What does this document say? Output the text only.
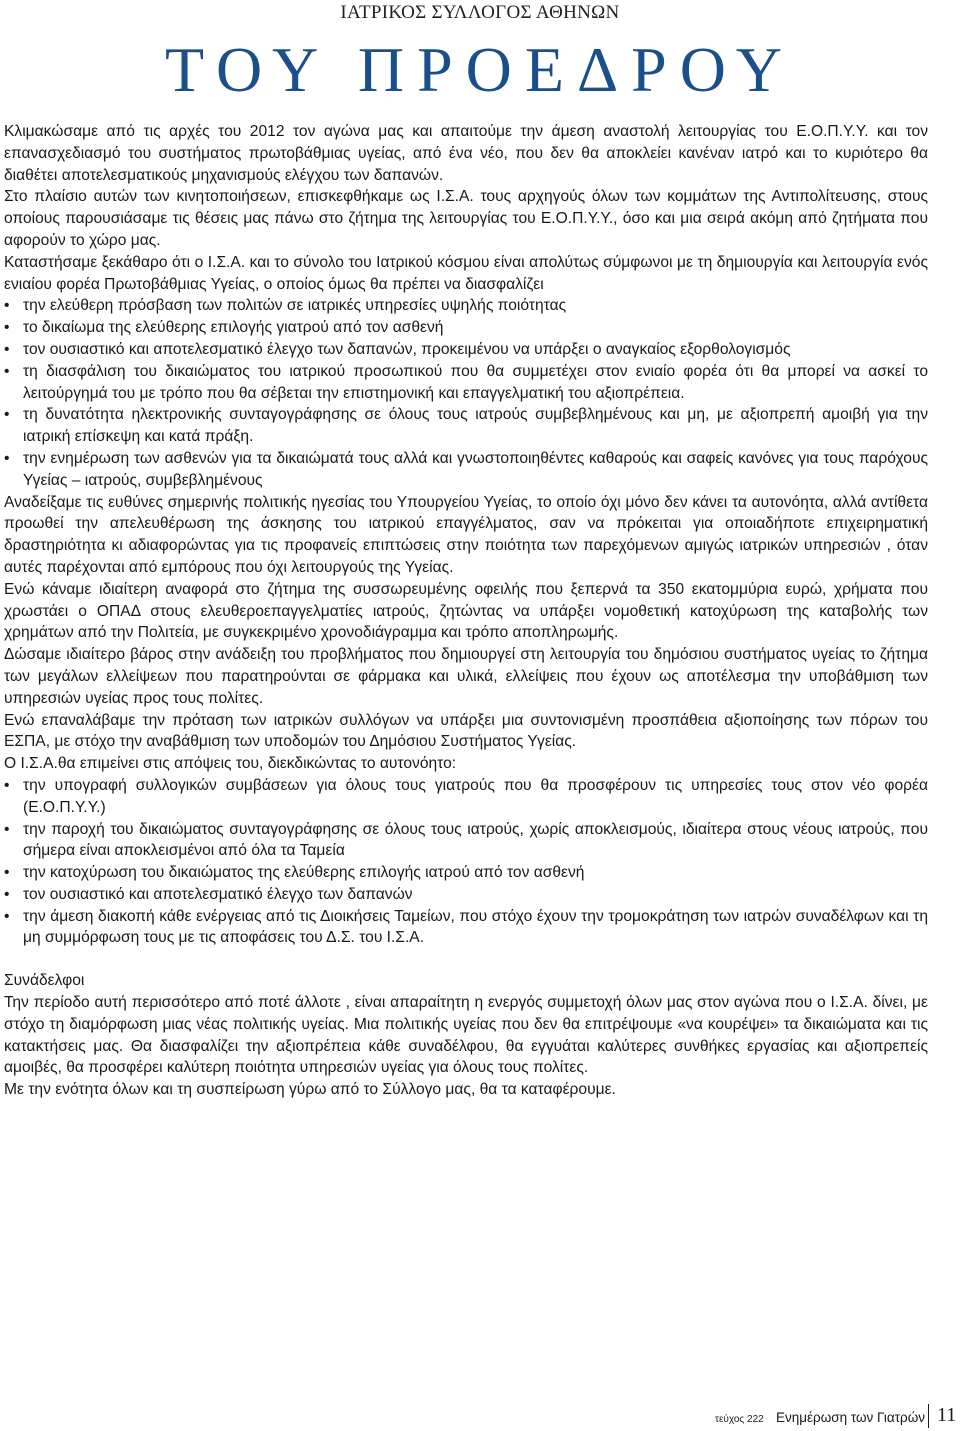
ΙΑΤΡΙΚΟΣ ΣΥΛΛΟΓΟΣ ΑΘΗΝΩΝ
ΤΟΥ ΠΡΟΕΔΡΟΥ

Κλιμακώσαμε από τις αρχές του 2012 τον αγώνα μας και απαιτούμε την άμεση αναστολή λειτουργίας του Ε.Ο.Π.Υ.Υ. και τον επανασχεδιασμό του συστήματος πρωτοβάθμιας υγείας, από ένα νέο, που δεν θα αποκλείει κανέναν ιατρό και το κυριότερο θα διαθέτει αποτελεσματικούς μηχανισμούς ελέγχου των δαπανών.

Στο πλαίσιο αυτών των κινητοποιήσεων, επισκεφθήκαμε ως Ι.Σ.Α. τους αρχηγούς όλων των κομμάτων της Αντιπολίτευσης, στους οποίους παρουσιάσαμε τις θέσεις μας πάνω στο ζήτημα της λειτουργίας του Ε.Ο.Π.Υ.Υ., όσο και μια σειρά ακόμη από ζητήματα που αφορούν το χώρο μας.

Καταστήσαμε ξεκάθαρο ότι ο Ι.Σ.Α. και το σύνολο του Ιατρικού κόσμου είναι απολύτως σύμφωνοι με τη δημιουργία και λειτουργία ενός ενιαίου φορέα Πρωτοβάθμιας Υγείας, ο οποίος όμως θα πρέπει να διασφαλίζει

• την ελεύθερη πρόσβαση των πολιτών σε ιατρικές υπηρεσίες υψηλής ποιότητας

• το δικαίωμα της ελεύθερης επιλογής γιατρού από τον ασθενή

• τον ουσιαστικό και αποτελεσματικό έλεγχο των δαπανών, προκειμένου να υπάρξει ο αναγκαίος εξορθολογισμός

• τη διασφάλιση του δικαιώματος του ιατρικού προσωπικού που θα συμμετέχει στον ενιαίο φορέα ότι θα μπορεί να ασκεί το λειτούργημά του με τρόπο που θα σέβεται την επιστημονική και επαγγελματική του αξιοπρέπεια.

• τη δυνατότητα ηλεκτρονικής συνταγογράφησης σε όλους τους ιατρούς συμβεβλημένους και μη, με αξιοπρεπή αμοιβή για την ιατρική επίσκεψη και κατά πράξη.

• την ενημέρωση των ασθενών για τα δικαιώματά τους αλλά και γνωστοποιηθέντες καθαρούς και σαφείς κανόνες για τους παρόχους Υγείας – ιατρούς, συμβεβλημένους

Αναδείξαμε τις ευθύνες σημερινής πολιτικής ηγεσίας του Υπουργείου Υγείας, το οποίο όχι μόνο δεν κάνει τα αυτονόητα, αλλά αντίθετα προωθεί την απελευθέρωση της άσκησης του ιατρικού επαγγέλματος, σαν να πρόκειται για οποιαδήποτε επιχειρηματική δραστηριότητα κι αδιαφορώντας για τις προφανείς επιπτώσεις στην ποιότητα των παρεχόμενων αμιγώς ιατρικών υπηρεσιών , όταν αυτές παρέχονται από εμπόρους που όχι λειτουργούς της Υγείας.

Ενώ κάναμε ιδιαίτερη αναφορά στο ζήτημα της συσσωρευμένης οφειλής που ξεπερνά τα 350 εκατομμύρια ευρώ, χρήματα που χρωστάει ο ΟΠΑΔ στους ελευθεροεπαγγελματίες ιατρούς, ζητώντας να υπάρξει νομοθετική κατοχύρωση της καταβολής των χρημάτων από την Πολιτεία, με συγκεκριμένο χρονοδιάγραμμα και τρόπο αποπληρωμής.

Δώσαμε ιδιαίτερο βάρος στην ανάδειξη του προβλήματος που δημιουργεί στη λειτουργία του δημόσιου συστήματος υγείας το ζήτημα των μεγάλων ελλείψεων που παρατηρούνται σε φάρμακα και υλικά, ελλείψεις που έχουν ως αποτέλεσμα την υποβάθμιση των υπηρεσιών υγείας προς τους πολίτες.

Ενώ επαναλάβαμε την πρόταση των ιατρικών συλλόγων να υπάρξει μια συντονισμένη προσπάθεια αξιοποίησης των πόρων του ΕΣΠΑ, με στόχο την αναβάθμιση των υποδομών του Δημόσιου Συστήματος Υγείας.

Ο Ι.Σ.Α.θα επιμείνει στις απόψεις του, διεκδικώντας το αυτονόητο:

• την υπογραφή συλλογικών συμβάσεων για όλους τους γιατρούς που θα προσφέρουν τις υπηρεσίες τους στον νέο φορέα (Ε.Ο.Π.Υ.Υ.)

• την παροχή του δικαιώματος συνταγογράφησης σε όλους τους ιατρούς, χωρίς αποκλεισμούς, ιδιαίτερα στους νέους ιατρούς, που σήμερα είναι αποκλεισμένοι από όλα τα Ταμεία

• την κατοχύρωση του δικαιώματος της ελεύθερης επιλογής ιατρού από τον ασθενή

• τον ουσιαστικό και αποτελεσματικό έλεγχο των δαπανών

• την άμεση διακοπή κάθε ενέργειας από τις Διοικήσεις Ταμείων, που στόχο έχουν την τρομοκράτηση των ιατρών συναδέλφων και τη μη συμμόρφωση τους με τις αποφάσεις του Δ.Σ. του Ι.Σ.Α.

Συνάδελφοι

Την περίοδο αυτή περισσότερο από ποτέ άλλοτε , είναι απαραίτητη η ενεργός συμμετοχή όλων μας στον αγώνα που ο Ι.Σ.Α. δίνει, με στόχο τη διαμόρφωση μιας νέας πολιτικής υγείας. Μια πολιτικής υγείας που δεν θα επιτρέψουμε «να κουρέψει» τα δικαιώματα και τις κατακτήσεις μας. Θα διασφαλίζει την αξιοπρέπεια κάθε συναδέλφου, θα εγγυάται καλύτερες συνθήκες εργασίας και αξιοπρεπείς αμοιβές, θα προσφέρει καλύτερη ποιότητα υπηρεσιών υγείας για όλους τους πολίτες.

Με την ενότητα όλων και τη συσπείρωση γύρω από το Σύλλογο μας, θα τα καταφέρουμε.

τεύχος 222 Ενημέρωση των Γιατρών 11
